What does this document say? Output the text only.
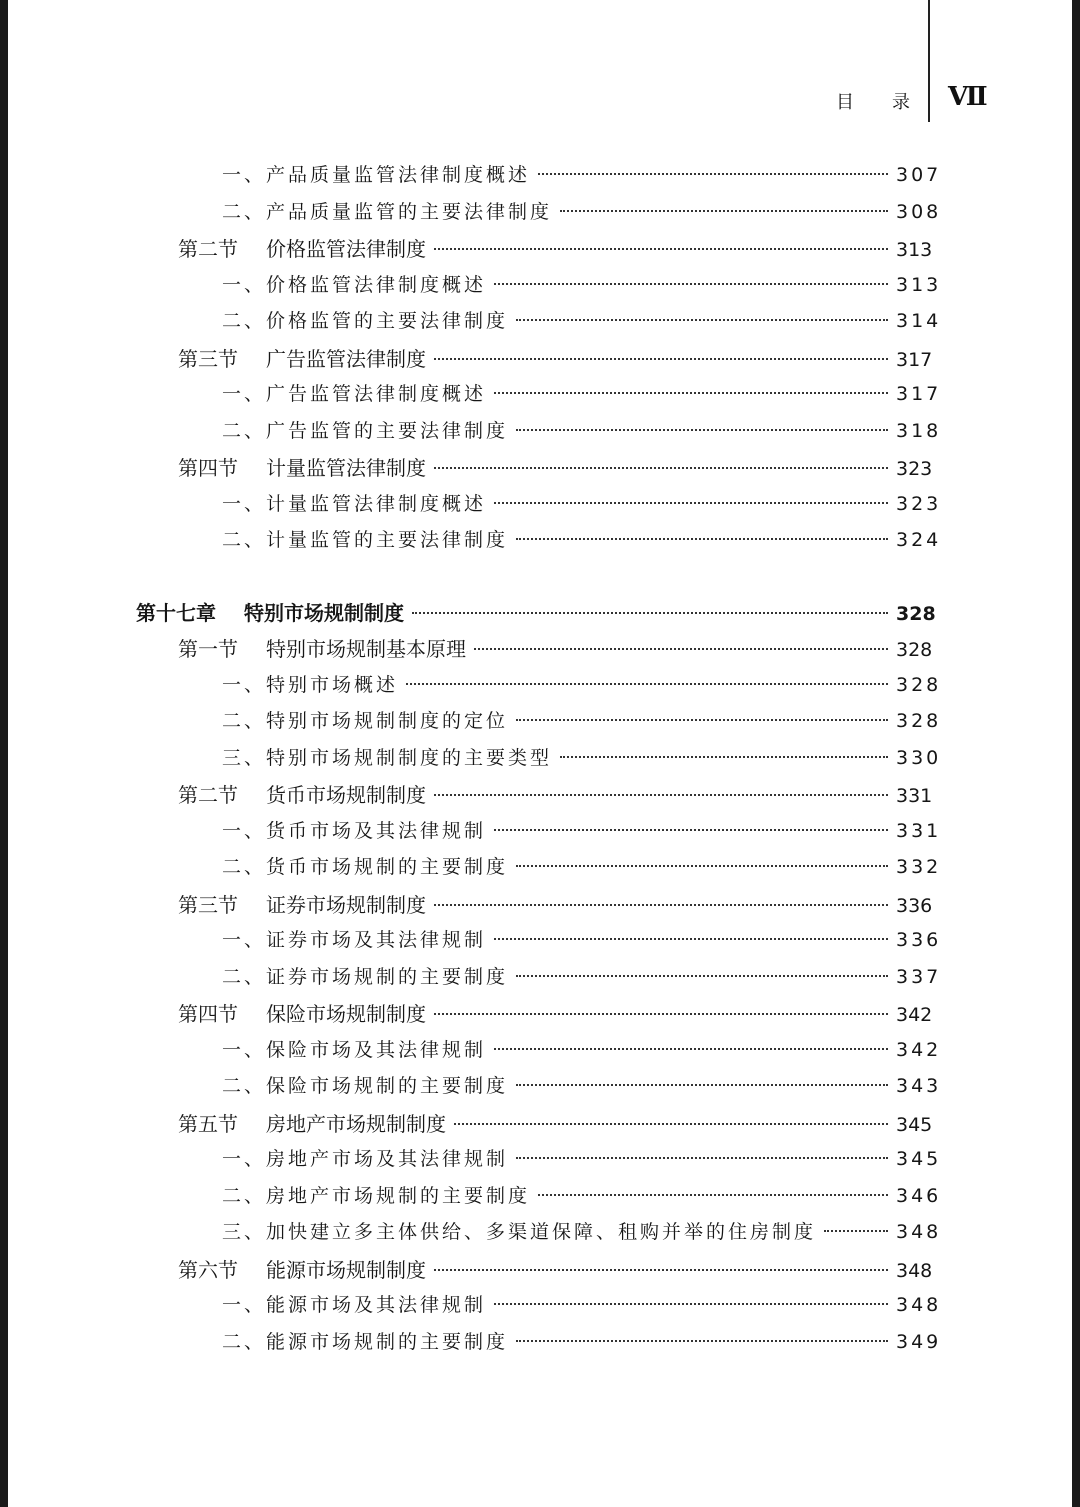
目 录 Ⅶ
一、 产品质量监管法律制度概述	307
二、 产品质量监管的主要法律制度	308
第二节	价格监管法律制度	313
一、 价格监管法律制度概述	313
二、 价格监管的主要法律制度	314
第三节	广告监管法律制度	317
一、 广告监管法律制度概述	317
二、 广告监管的主要法律制度	318
第四节	计量监管法律制度	323
一、 计量监管法律制度概述	323
二、 计量监管的主要法律制度	324
第十七章	特别市场规制制度	328
第一节	特别市场规制基本原理	328
一、 特别市场概述	328
二、 特别市场规制制度的定位	328
三、 特别市场规制制度的主要类型	330
第二节	货币市场规制制度	331
一、 货币市场及其法律规制	331
二、 货币市场规制的主要制度	332
第三节	证券市场规制制度	336
一、 证券市场及其法律规制	336
二、 证券市场规制的主要制度	337
第四节	保险市场规制制度	342
一、 保险市场及其法律规制	342
二、 保险市场规制的主要制度	343
第五节	房地产市场规制制度	345
一、 房地产市场及其法律规制	345
二、 房地产市场规制的主要制度	346
三、 加快建立多主体供给、多渠道保障、租购并举的住房制度	348
第六节	能源市场规制制度	348
一、 能源市场及其法律规制	348
二、 能源市场规制的主要制度	349
